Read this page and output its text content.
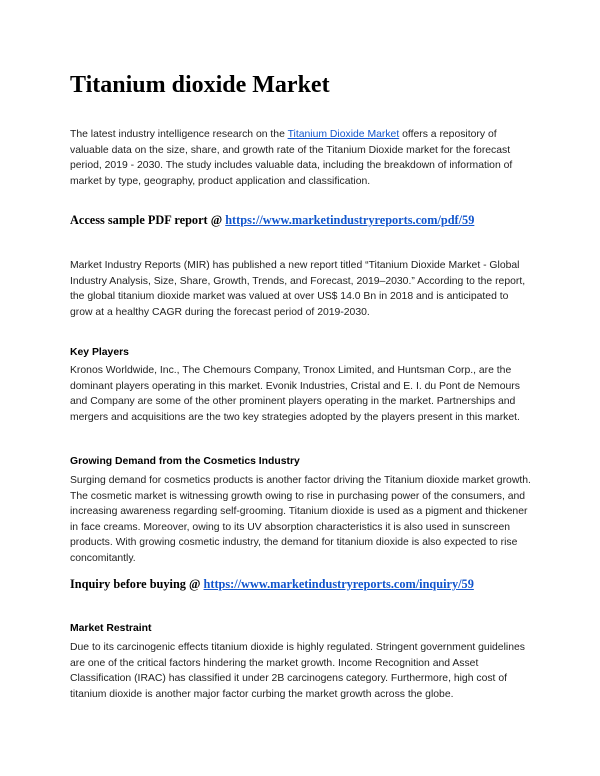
Titanium dioxide Market

The latest industry intelligence research on the Titanium Dioxide Market offers a repository of valuable data on the size, share, and growth rate of the Titanium Dioxide market for the forecast period, 2019 - 2030. The study includes valuable data, including the breakdown of information of market by type, geography, product application and classification.

Access sample PDF report @ https://www.marketindustryreports.com/pdf/59

Market Industry Reports (MIR) has published a new report titled “Titanium Dioxide Market - Global Industry Analysis, Size, Share, Growth, Trends, and Forecast, 2019–2030.” According to the report, the global titanium dioxide market was valued at over US$ 14.0 Bn in 2018 and is anticipated to grow at a healthy CAGR during the forecast period of 2019-2030.

Key Players

Kronos Worldwide, Inc., The Chemours Company, Tronox Limited, and Huntsman Corp., are the dominant players operating in this market. Evonik Industries, Cristal and E. I. du Pont de Nemours and Company are some of the other prominent players operating in the market. Partnerships and mergers and acquisitions are the two key strategies adopted by the players present in this market.

Growing Demand from the Cosmetics Industry

Surging demand for cosmetics products is another factor driving the Titanium dioxide market growth. The cosmetic market is witnessing growth owing to rise in purchasing power of the consumers, and increasing awareness regarding self-grooming. Titanium dioxide is used as a pigment and thickener in face creams. Moreover, owing to its UV absorption characteristics it is also used in sunscreen products. With growing cosmetic industry, the demand for titanium dioxide is also expected to rise concomitantly.

Inquiry before buying @ https://www.marketindustryreports.com/inquiry/59

Market Restraint

Due to its carcinogenic effects titanium dioxide is highly regulated. Stringent government guidelines are one of the critical factors hindering the market growth. Income Recognition and Asset Classification (IRAC) has classified it under 2B carcinogens category. Furthermore, high cost of titanium dioxide is another major factor curbing the market growth across the globe.
